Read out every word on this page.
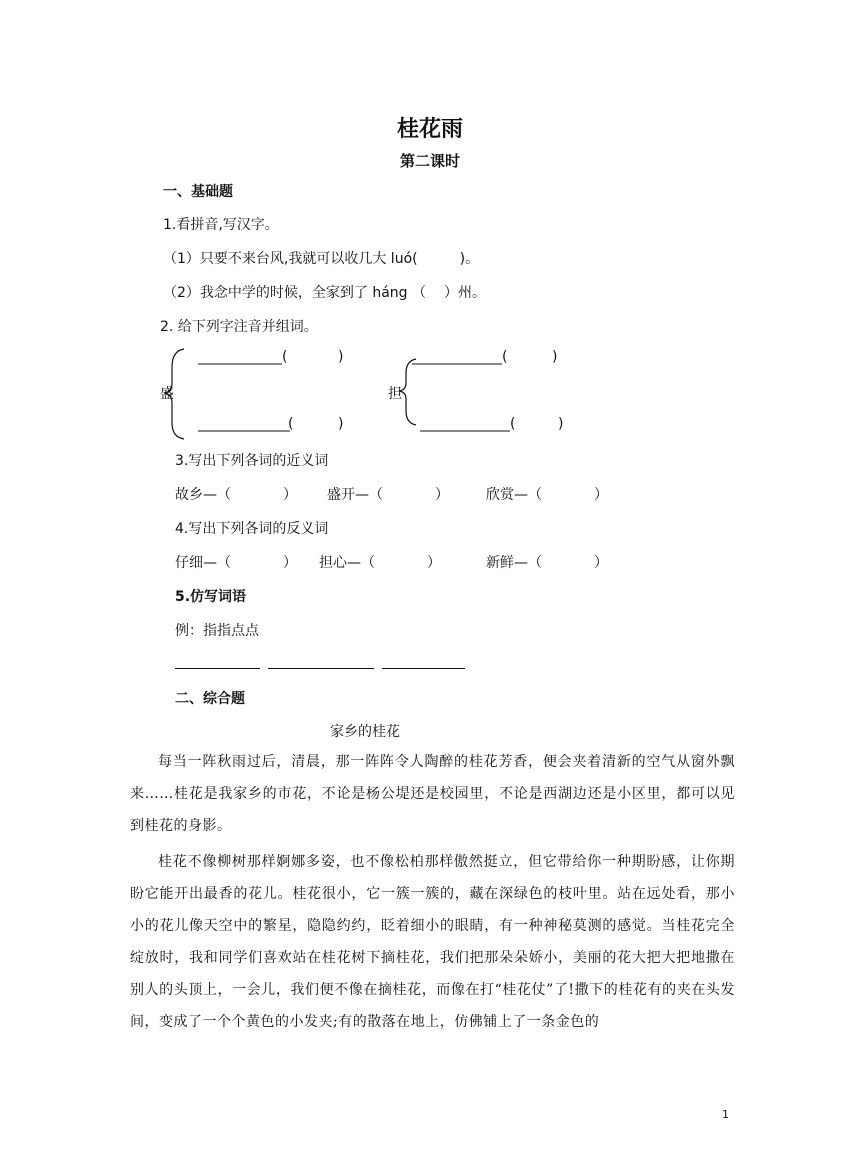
桂花雨
第二课时
一、基础题
1.看拼音,写汉字。
（1）只要不来台风,我就可以收几大 luó(	)。
（2）我念中学的时候，全家到了 háng （ ）州。
2. 给下列字注音并组词。
盛	担
(	)
(	)
(	)
(	)
3.写出下列各词的近义词
故乡—（	） 盛开—（	）	欣赏—（	）
4.写出下列各词的反义词
仔细—（	） 担心—（	）	新鲜—（	）
5.仿写词语
例：指指点点
二、综合题
家乡的桂花
每当一阵秋雨过后，清晨，那一阵阵令人陶醉的桂花芳香，便会夹着清新的空气从窗外飘来……桂花是我家乡的市花，不论是杨公堤还是校园里，不论是西湖边还是小区里，都可以见到桂花的身影。
桂花不像柳树那样婀娜多姿，也不像松柏那样傲然挺立，但它带给你一种期盼感，让你期盼它能开出最香的花儿。桂花很小，它一簇一簇的，藏在深绿色的枝叶里。站在远处看，那小小的花儿像天空中的繁星，隐隐约约，眨着细小的眼睛，有一种神秘莫测的感觉。当桂花完全绽放时，我和同学们喜欢站在桂花树下摘桂花，我们把那朵朵娇小，美丽的花大把大把地撒在别人的头顶上，一会儿，我们便不像在摘桂花，而像在打“桂花仗”了!撒下的桂花有的夹在头发间，变成了一个个黄色的小发夹;有的散落在地上，仿佛铺上了一条金色的
1
